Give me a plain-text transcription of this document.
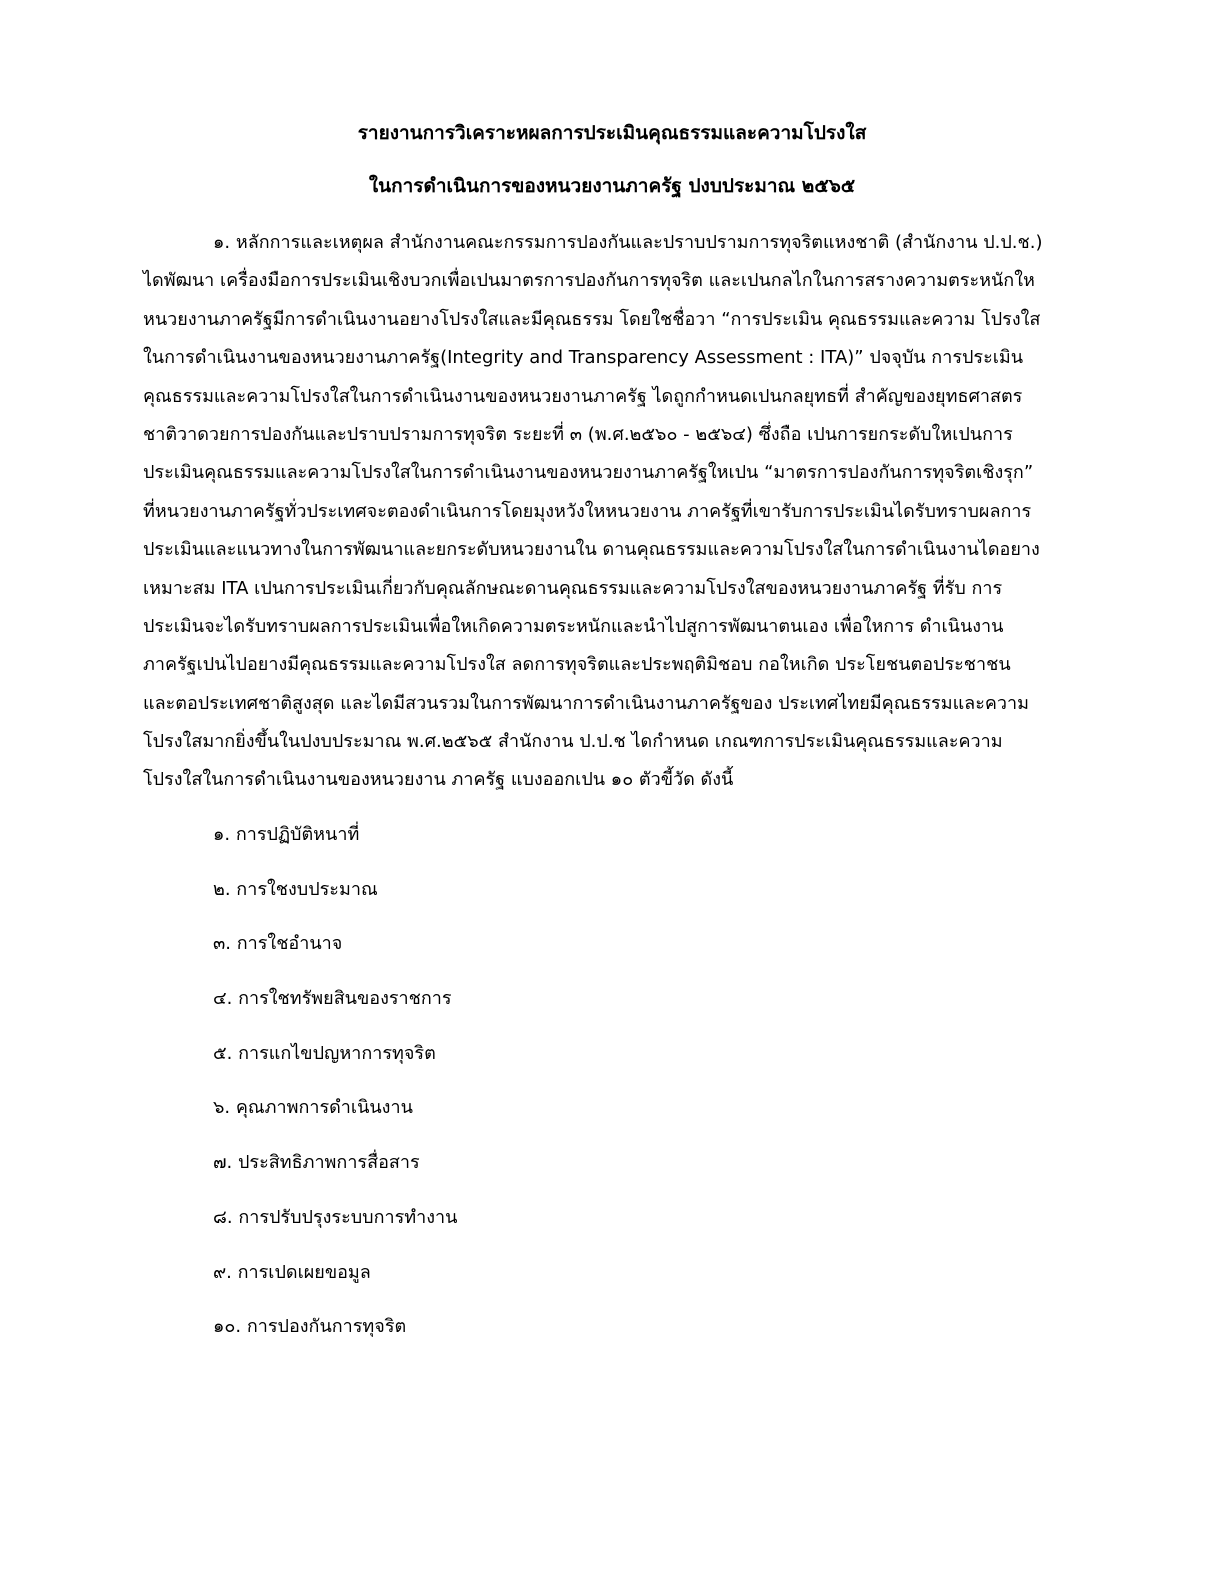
รายงานการวิเคราะหผลการประเมินคุณธรรมและความโปรงใส
ในการดำเนินการของหนวยงานภาครัฐ ปงบประมาณ ๒๕๖๕
๑. หลักการและเหตุผล สำนักงานคณะกรรมการปองกันและปราบปรามการทุจริตแหงชาติ (สำนักงาน ป.ป.ช.)
ไดพัฒนา เครื่องมือการประเมินเชิงบวกเพื่อเปนมาตรการปองกันการทุจริต และเปนกลไกในการสรางความตระหนักให
หนวยงานภาครัฐมีการดำเนินงานอยางโปรงใสและมีคุณธรรม โดยใชชื่อวา “การประเมิน คุณธรรมและความ โปรงใส
ในการดำเนินงานของหนวยงานภาครัฐ(Integrity and Transparency Assessment : ITA)” ปจจุบัน การประเมิน
คุณธรรมและความโปรงใสในการดำเนินงานของหนวยงานภาครัฐ ไดถูกกำหนดเปนกลยุทธที่ สำคัญของยุทธศาสตร
ชาติวาดวยการปองกันและปราบปรามการทุจริต ระยะที่ ๓ (พ.ศ.๒๕๖๐ - ๒๕๖๔) ซึ่งถือ เปนการยกระดับใหเปนการ
ประเมินคุณธรรมและความโปรงใสในการดำเนินงานของหนวยงานภาครัฐใหเปน “มาตรการปองกันการทุจริตเชิงรุก”
ที่หนวยงานภาครัฐทั่วประเทศจะตองดำเนินการโดยมุงหวังใหหนวยงาน ภาครัฐที่เขารับการประเมินไดรับทราบผลการ
ประเมินและแนวทางในการพัฒนาและยกระดับหนวยงานใน ดานคุณธรรมและความโปรงใสในการดำเนินงานไดอยาง
เหมาะสม ITA เปนการประเมินเกี่ยวกับคุณลักษณะดานคุณธรรมและความโปรงใสของหนวยงานภาครัฐ ที่รับ การ
ประเมินจะไดรับทราบผลการประเมินเพื่อใหเกิดความตระหนักและนำไปสูการพัฒนาตนเอง เพื่อใหการ ดำเนินงาน
ภาครัฐเปนไปอยางมีคุณธรรมและความโปรงใส ลดการทุจริตและประพฤติมิชอบ กอใหเกิด ประโยชนตอประชาชน
และตอประเทศชาติสูงสุด และไดมีสวนรวมในการพัฒนาการดำเนินงานภาครัฐของ ประเทศไทยมีคุณธรรมและความ
โปรงใสมากยิ่งขึ้นในปงบประมาณ พ.ศ.๒๕๖๕ สำนักงาน ป.ป.ช ไดกำหนด เกณฑการประเมินคุณธรรมและความ
โปรงใสในการดำเนินงานของหนวยงาน ภาครัฐ แบงออกเปน ๑๐ ตัวขี้วัด ดังนี้
๑. การปฏิบัติหนาที่
๒. การใชงบประมาณ
๓. การใชอำนาจ
๔. การใชทรัพยสินของราชการ
๕. การแกไขปญหาการทุจริต
๖. คุณภาพการดำเนินงาน
๗. ประสิทธิภาพการสื่อสาร
๘. การปรับปรุงระบบการทำงาน
๙. การเปดเผยขอมูล
๑๐. การปองกันการทุจริต
